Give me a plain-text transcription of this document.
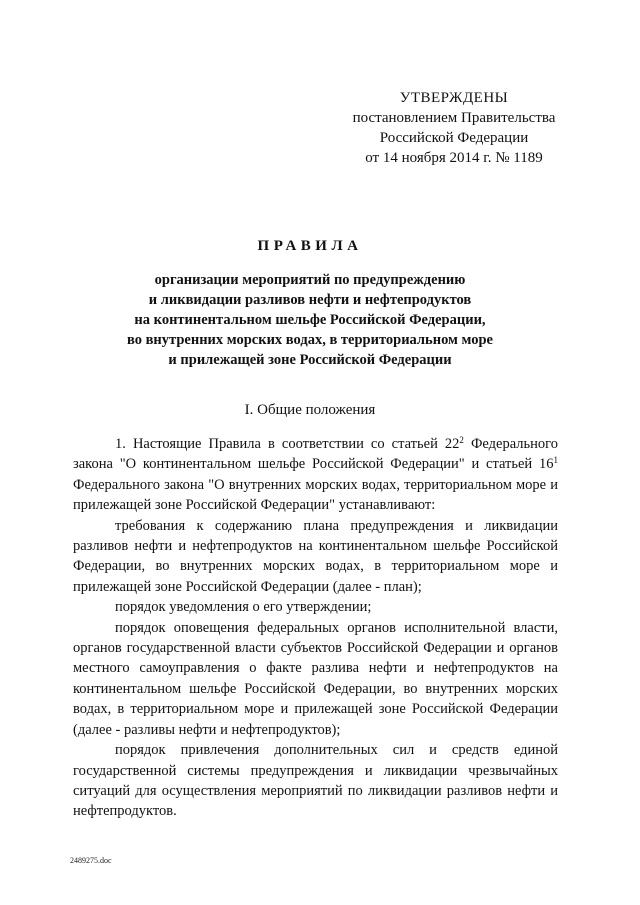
УТВЕРЖДЕНЫ
постановлением Правительства
Российской Федерации
от 14 ноября 2014 г. № 1189
ПРАВИЛА
организации мероприятий по предупреждению
и ликвидации разливов нефти и нефтепродуктов
на континентальном шельфе Российской Федерации,
во внутренних морских водах, в территориальном море
и прилежащей зоне Российской Федерации
I. Общие положения

1. Настоящие Правила в соответствии со статьей $22^2$ Федерального закона "О континентальном шельфе Российской Федерации" и статьей $16^1$ Федерального закона "О внутренних морских водах, территориальном море и прилежащей зоне Российской Федерации" устанавливают:

требования к содержанию плана предупреждения и ликвидации разливов нефти и нефтепродуктов на континентальном шельфе Российской Федерации, во внутренних морских водах, в территориальном море и прилежащей зоне Российской Федерации (далее - план);

порядок уведомления о его утверждении;

порядок оповещения федеральных органов исполнительной власти, органов государственной власти субъектов Российской Федерации и органов местного самоуправления о факте разлива нефти и нефтепродуктов на континентальном шельфе Российской Федерации, во внутренних морских водах, в территориальном море и прилежащей зоне Российской Федерации (далее - разливы нефти и нефтепродуктов);

порядок привлечения дополнительных сил и средств единой государственной системы предупреждения и ликвидации чрезвычайных ситуаций для осуществления мероприятий по ликвидации разливов нефти и нефтепродуктов.

2489275.doc
